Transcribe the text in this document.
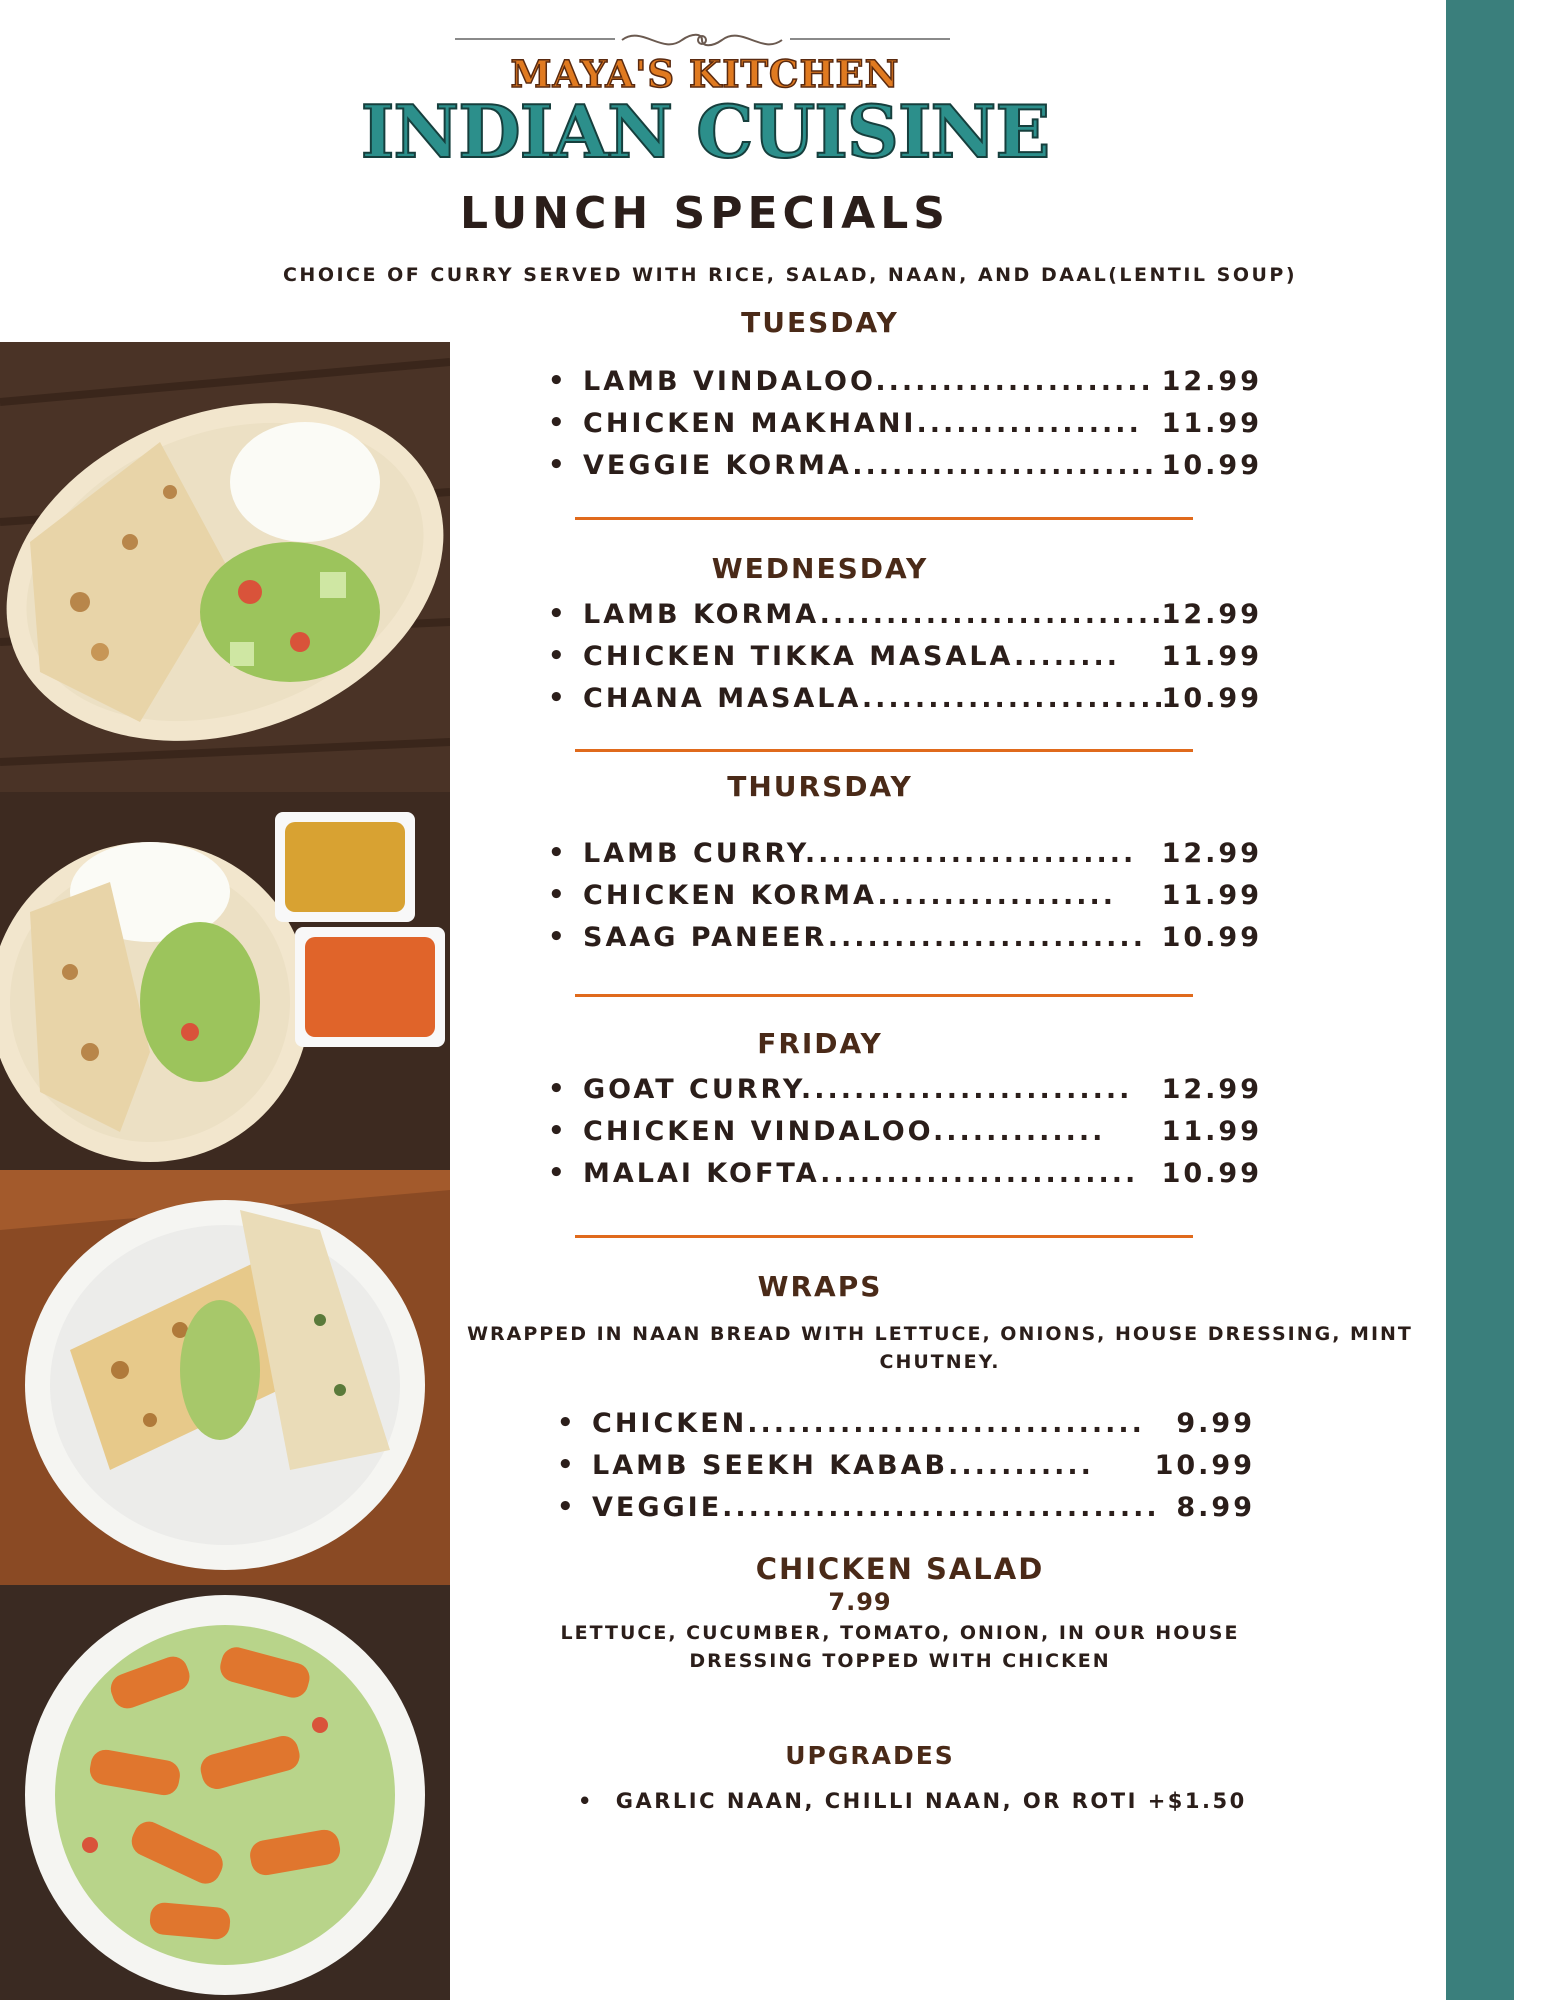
MAYA'S KITCHEN
INDIAN CUISINE
LUNCH SPECIALS
CHOICE OF CURRY SERVED WITH RICE, SALAD, NAAN, AND DAAL(LENTIL SOUP)
TUESDAY
• LAMB VINDALOO..................... 12.99
• CHICKEN MAKHANI................. 11.99
• VEGGIE KORMA....................... 10.99
WEDNESDAY
• LAMB KORMA..........................
12.99
• CHICKEN TIKKA MASALA........ 11.99
• CHANA MASALA.......................
10.99
THURSDAY
• LAMB CURRY......................... 12.99
• CHICKEN KORMA.................. 11.99
• SAAG PANEER........................ 10.99
FRIDAY
• GOAT CURRY......................... 12.99
• CHICKEN VINDALOO............. 11.99
• MALAI KOFTA........................ 10.99
WRAPS
WRAPPED IN NAAN BREAD WITH LETTUCE, ONIONS, HOUSE DRESSING, MINT CHUTNEY.
• CHICKEN.............................. 9.99
• LAMB SEEKH KABAB........... 10.99
• VEGGIE................................. 8.99
CHICKEN SALAD
7.99
LETTUCE, CUCUMBER, TOMATO, ONION, IN OUR HOUSE DRESSING TOPPED WITH CHICKEN
UPGRADES
• GARLIC NAAN, CHILLI NAAN, OR ROTI +$1.50
